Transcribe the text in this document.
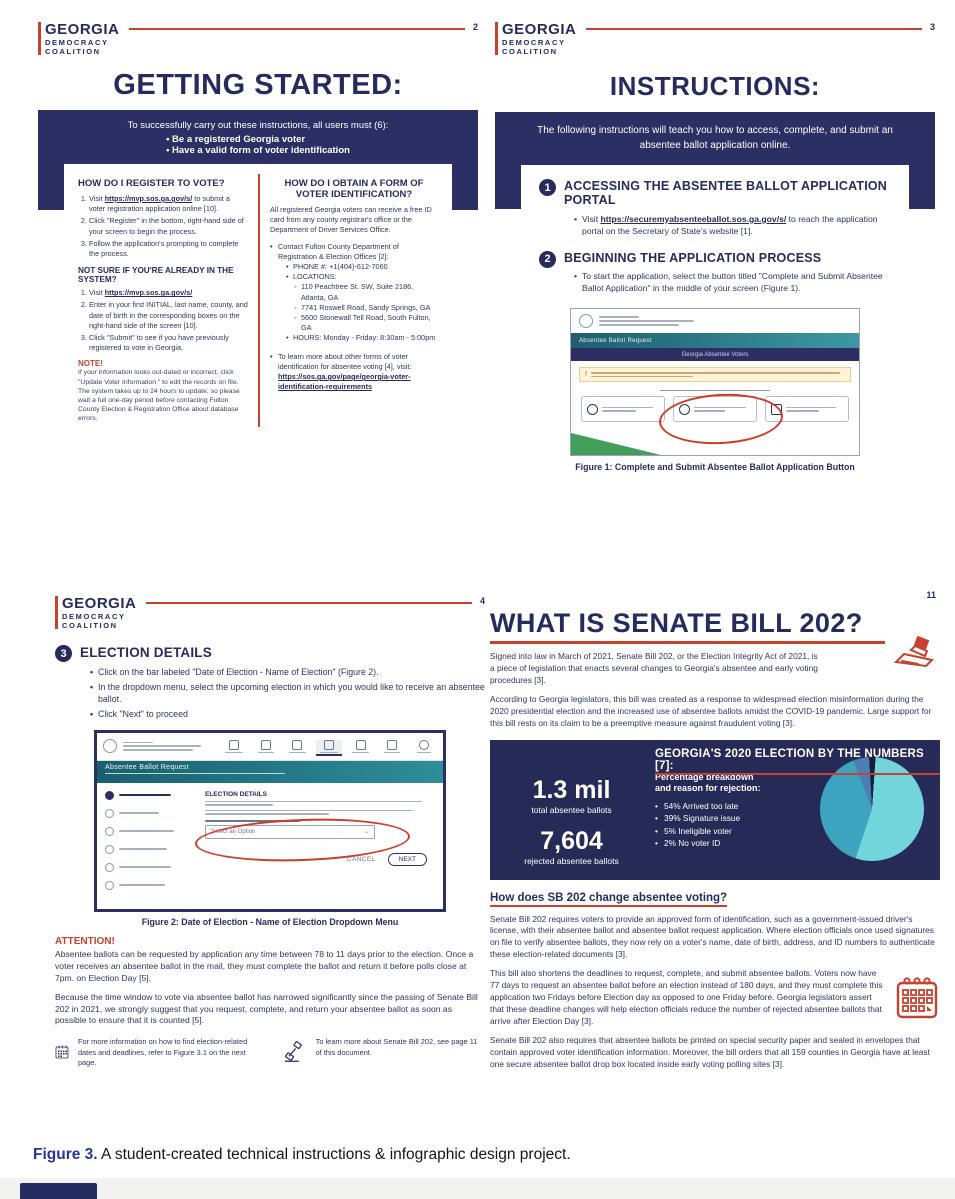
GEORGIA
DEMOCRACY
COALITION
2
GETTING STARTED:
To successfully carry out these instructions, all users must (6):
• Be a registered Georgia voter
• Have a valid form of voter identification
HOW DO I REGISTER TO VOTE?
1. Visit https://mvp.sos.ga.gov/s/ to submit a voter registration application online [10].
2. Click "Register" in the bottom, right-hand side of your screen to begin the process.
3. Follow the application's prompting to complete the process.
NOT SURE IF YOU'RE ALREADY IN THE SYSTEM?
1. Visit https://mvp.sos.ga.gov/s/
2. Enter in your first INITIAL, last name, county, and date of birth in the corresponding boxes on the right-hand side of the screen [10].
3. Click "Submit" to see if you have previously registered to vote in Georgia.
NOTE!
If your information looks out-dated or incorrect, click "Update Voter Information " to edit the records on file. The system takes up to 24 hours to update, so please wait a full one-day period before contacting Fulton County Election & Registration Office about database errors.
HOW DO I OBTAIN A FORM OF VOTER IDENTIFICATION?
All registered Georgia voters can receive a free ID card from any county registrar's office or the Department of Driver Services Office.
• Contact Fulton County Department of Registration & Election Offices [2]:
• PHONE #: +1(404)-612-7060
• LOCATIONS:
◦ 110 Peachtree St. SW, Suite 2186, Atlanta, GA
◦ 7741 Roswell Road, Sandy Springs, GA
◦ 5600 Stonewall Tell Road, South Fulton, GA
• HOURS: Monday - Friday: 8:30am - 5:00pm
• To learn more about other forms of voter identification for absentee voting [4], visit:
https://sos.ga.gov/page/georgia-voter-identification-requirements
GEORGIA
DEMOCRACY
COALITION
3
INSTRUCTIONS:
The following instructions will teach you how to access, complete, and submit an absentee ballot application online.
1	ACCESSING THE ABSENTEE BALLOT APPLICATION PORTAL
• Visit https://securemyabsenteeballot.sos.ga.gov/s/ to reach the application portal on the Secretary of State's website [1].
2	BEGINNING THE APPLICATION PROCESS
• To start the application, select the button titled "Complete and Submit Absentee Ballot Application" in the middle of your screen (Figure 1).
Absentee Ballot Request
Georgia Absentee Voters
!
Figure 1: Complete and Submit Absentee Ballot Application Button
GEORGIA
DEMOCRACY
COALITION
4
3 ELECTION DETAILS
• Click on the bar labeled "Date of Election - Name of Election" (Figure 2).
• In the dropdown menu, select the upcoming election in which you would like to receive an absentee ballot.
• Click "Next" to proceed
Absentee Ballot Request
ELECTION DETAILS
Select an Option	⌄
CANCEL	NEXT
Figure 2: Date of Election - Name of Election Dropdown Menu
ATTENTION!
Absentee ballots can be requested by application any time between 78 to 11 days prior to the election. Once a voter receives an absentee ballot in the mail, they must complete the ballot and return it before polls close at 7pm. on Election Day [5].
Because the time window to vote via absentee ballot has narrowed significantly since the passing of Senate Bill 202 in 2021, we strongly suggest that you request, complete, and return your absentee ballot as soon as possible to ensure that it is counted [5].
For more information on how to find election-related dates and deadlines, refer to Figure 3.1 on the next page.
To learn more about Senate Bill 202, see page 11 of this document.
11
WHAT IS SENATE BILL 202?
Signed into law in March of 2021, Senate Bill 202, or the Election Integrity Act of 2021, is a piece of legislation that enacts several changes to Georgia's absentee and early voting procedures [3].
According to Georgia legislators, this bill was created as a response to widespread election misinformation during the 2020 presidential election and the increased use of absentee ballots amidst the COVID-19 pandemic. Large support for this bill rests on its claim to be a preemptive measure against fraudulent voting [3].
1.3 mil
total absentee ballots
7,604
rejected absentee ballots
GEORGIA'S 2020 ELECTION BY THE NUMBERS [7]:
Percentage breakdown
and reason for rejection:
• 54% Arrived too late
• 39% Signature issue
• 5% Ineligible voter
• 2% No voter ID
How does SB 202 change absentee voting?
Senate Bill 202 requires voters to provide an approved form of identification, such as a government-issued driver's license, with their absentee ballot and absentee ballot request application. Where election officials once used signatures on file to verify absentee ballots, they now rely on a voter's name, date of birth, address, and ID numbers to authenticate these election-related documents [3].
This bill also shortens the deadlines to request, complete, and submit absentee ballots. Voters now have 77 days to request an absentee ballot before an election instead of 180 days, and they must complete this application two Fridays before Election day as opposed to one Friday before. Georgia legislators assert that these deadline changes will help election officials reduce the number of rejected absentee ballots that arrive after Election Day [3].
Senate Bill 202 also requires that absentee ballots be printed on special security paper and sealed in envelopes that contain approved voter identification information. Moreover, the bill orders that all 159 counties in Georgia have at least one secure absentee ballot drop box located inside early voting polling sites [3].
Figure 3. A student-created technical instructions & infographic design project.
